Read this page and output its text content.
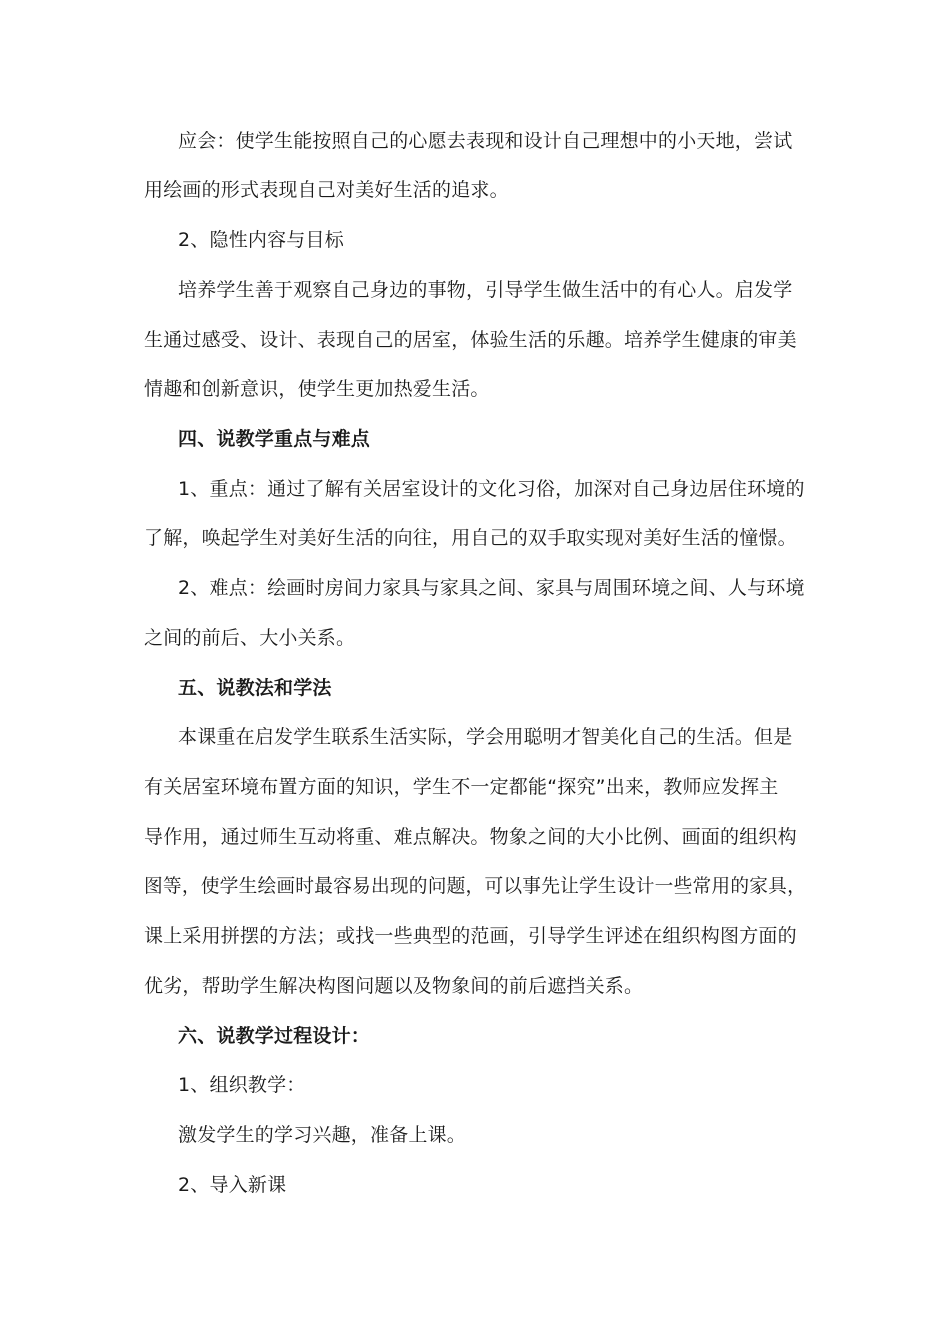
应会：使学生能按照自己的心愿去表现和设计自己理想中的小天地，尝试
用绘画的形式表现自己对美好生活的追求。
2、隐性内容与目标
培养学生善于观察自己身边的事物，引导学生做生活中的有心人。启发学
生通过感受、设计、表现自己的居室，体验生活的乐趣。培养学生健康的审美
情趣和创新意识，使学生更加热爱生活。
四、说教学重点与难点
1、重点：通过了解有关居室设计的文化习俗，加深对自己身边居住环境的
了解，唤起学生对美好生活的向往，用自己的双手取实现对美好生活的憧憬。
2、难点：绘画时房间力家具与家具之间、家具与周围环境之间、人与环境
之间的前后、大小关系。
五、说教法和学法
本课重在启发学生联系生活实际，学会用聪明才智美化自己的生活。但是
有关居室环境布置方面的知识，学生不一定都能“探究”出来，教师应发挥主
导作用，通过师生互动将重、难点解决。物象之间的大小比例、画面的组织构
图等，使学生绘画时最容易出现的问题，可以事先让学生设计一些常用的家具，
课上采用拼摆的方法；或找一些典型的范画，引导学生评述在组织构图方面的
优劣，帮助学生解决构图问题以及物象间的前后遮挡关系。
六、说教学过程设计：
1、组织教学：
激发学生的学习兴趣，准备上课。
2、导入新课
